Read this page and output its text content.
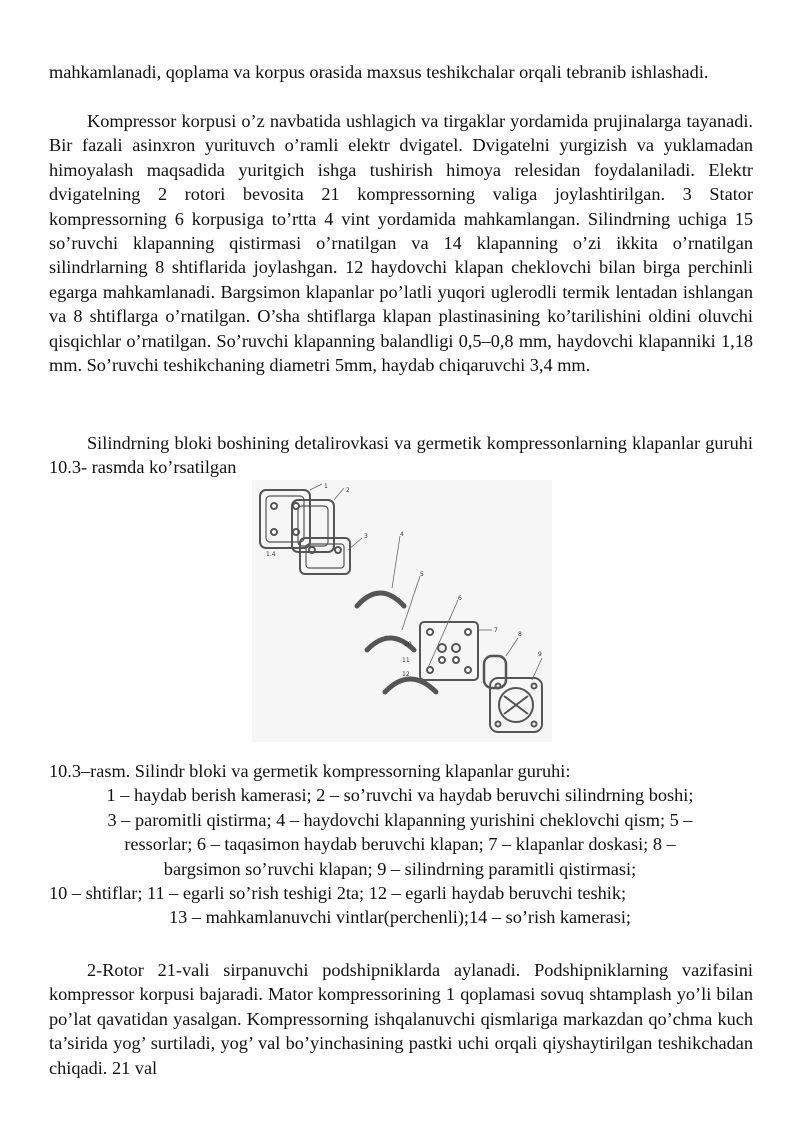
mahkamlanadi, qoplama va korpus orasida maxsus teshikchalar orqali tebranib ishlashadi.

Kompressor korpusi o’z navbatida ushlagich va tirgaklar yordamida prujinalarga tayanadi. Bir fazali asinxron yurituvch o’ramli elektr dvigatel. Dvigatelni yurgizish va yuklamadan himoyalash maqsadida yuritgich ishga tushirish himoya relesidan foydalaniladi. Elektr dvigatelning 2 rotori bevosita 21 kompressorning valiga joylashtirilgan. 3 Stator kompressorning 6 korpusiga to’rtta 4 vint yordamida mahkamlangan. Silindrning uchiga 15 so’ruvchi klapanning qistirmasi o’rnatilgan va 14 klapanning o’zi ikkita o’rnatilgan silindrlarning 8 shtiflarida joylashgan. 12 haydovchi klapan cheklovchi bilan birga perchinli egarga mahkamlanadi. Bargsimon klapanlar po’latli yuqori uglerodli termik lentadan ishlangan va 8 shtiflarga o’rnatilgan. O’sha shtiflarga klapan plastinasining ko’tarilishini oldini oluvchi qisqichlar o’rnatilgan. So’ruvchi klapanning balandligi 0,5–0,8 mm, haydovchi klapanniki 1,18 mm. So’ruvchi teshikchaning diametri 5mm, haydab chiqaruvchi 3,4 mm.

Silindrning bloki boshining detalirovkasi va germetik kompressonlarning klapanlar guruhi 10.3- rasmda ko’rsatilgan

1
2
3
1.4
4
5
6
7
8
9
10
11
12
10.3–rasm. Silindr bloki va germetik kompressorning klapanlar guruhi:
1 – haydab berish kamerasi; 2 – so’ruvchi va haydab beruvchi silindrning boshi;
3 – paromitli qistirma; 4 – haydovchi klapanning yurishini cheklovchi qism; 5 –
ressorlar; 6 – taqasimon haydab beruvchi klapan; 7 – klapanlar doskasi; 8 –
bargsimon so’ruvchi klapan; 9 – silindrning paramitli qistirmasi;
10 – shtiflar; 11 – egarli so’rish teshigi 2ta; 12 – egarli haydab beruvchi teshik;
13 – mahkamlanuvchi vintlar(perchenli);14 – so’rish kamerasi;

2-Rotor 21-vali sirpanuvchi podshipniklarda aylanadi. Podshipniklarning vazifasini kompressor korpusi bajaradi. Mator kompressorining 1 qoplamasi sovuq shtamplash yo’li bilan po’lat qavatidan yasalgan. Kompressorning ishqalanuvchi qismlariga markazdan qo’chma kuch ta’sirida yog’ surtiladi, yog’ val bo’yinchasining pastki uchi orqali qiyshaytirilgan teshikchadan chiqadi. 21 val
